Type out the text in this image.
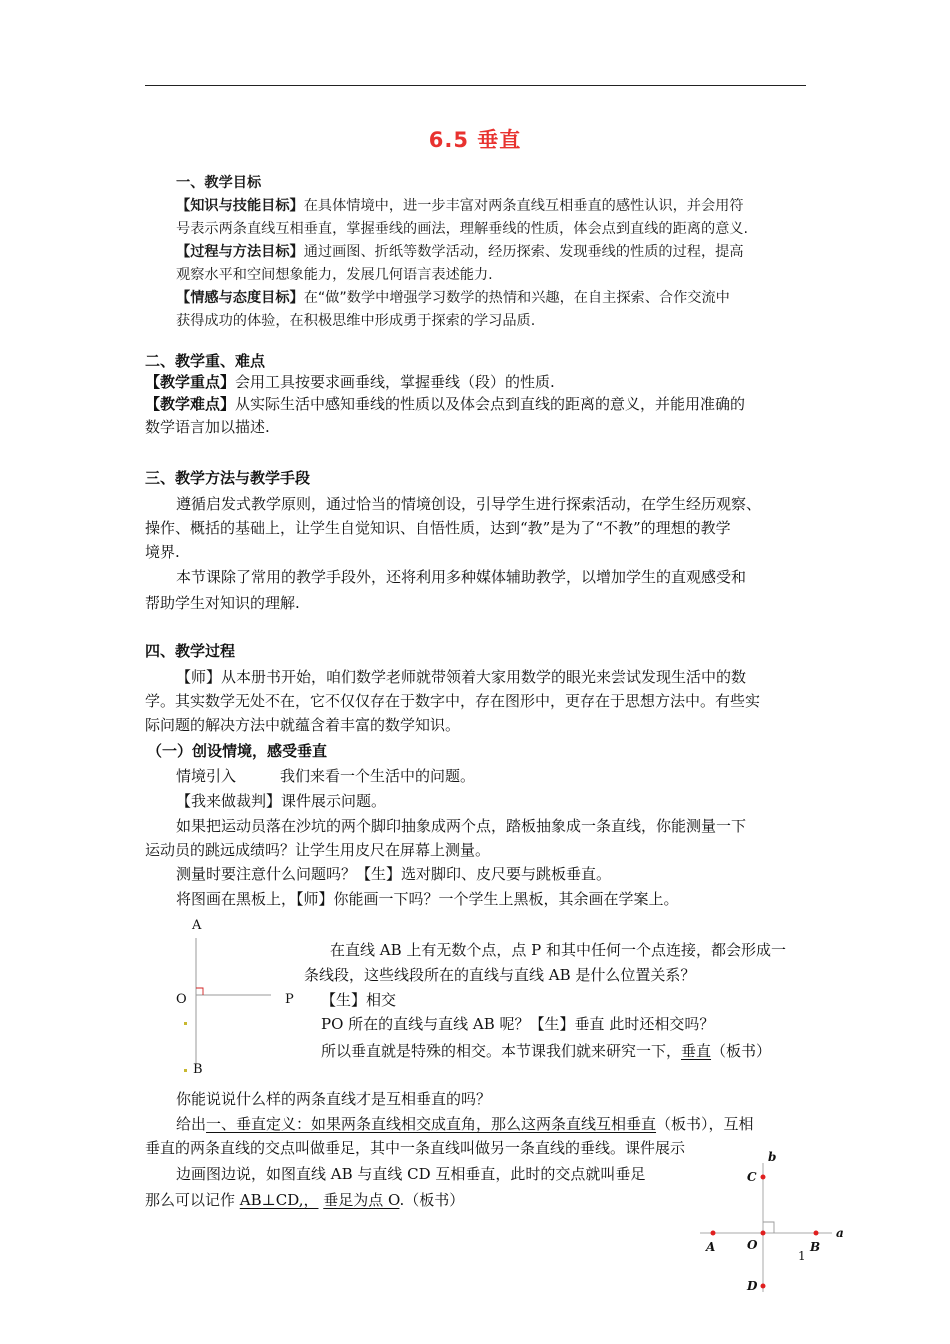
6.5 垂直
一、教学目标
【知识与技能目标】在具体情境中，进一步丰富对两条直线互相垂直的感性认识，并会用符
号表示两条直线互相垂直，掌握垂线的画法，理解垂线的性质，体会点到直线的距离的意义.
【过程与方法目标】通过画图、折纸等数学活动，经历探索、发现垂线的性质的过程，提高
观察水平和空间想象能力，发展几何语言表述能力.
【情感与态度目标】在“做”数学中增强学习数学的热情和兴趣，在自主探索、合作交流中
获得成功的体验，在积极思维中形成勇于探索的学习品质.
二、教学重、难点
【教学重点】会用工具按要求画垂线，掌握垂线（段）的性质.
【教学难点】从实际生活中感知垂线的性质以及体会点到直线的距离的意义，并能用准确的
数学语言加以描述.
三、教学方法与教学手段
遵循启发式教学原则，通过恰当的情境创设，引导学生进行探索活动，在学生经历观察、
操作、概括的基础上，让学生自觉知识、自悟性质，达到“教”是为了“不教”的理想的教学
境界.
本节课除了常用的教学手段外，还将利用多种媒体辅助教学，以增加学生的直观感受和
帮助学生对知识的理解.
四、教学过程
【师】从本册书开始，咱们数学老师就带领着大家用数学的眼光来尝试发现生活中的数
学。其实数学无处不在，它不仅仅存在于数字中，存在图形中，更存在于思想方法中。有些实
际问题的解决方法中就蕴含着丰富的数学知识。
（一）创设情境，感受垂直
情境引入	我们来看一个生活中的问题。
【我来做裁判】课件展示问题。
如果把运动员落在沙坑的两个脚印抽象成两个点，踏板抽象成一条直线，你能测量一下
运动员的跳远成绩吗？让学生用皮尺在屏幕上测量。
测量时要注意什么问题吗？【生】选对脚印、皮尺要与跳板垂直。
将图画在黑板上，【师】你能画一下吗？一个学生上黑板，其余画在学案上。
A
O	P
B
在直线 AB 上有无数个点，点 P 和其中任何一个点连接，都会形成一
条线段，这些线段所在的直线与直线 AB 是什么位置关系？
【生】相交
PO 所在的直线与直线 AB 呢？【生】垂直 此时还相交吗？
所以垂直就是特殊的相交。本节课我们就来研究一下，垂直（板书）
你能说说什么样的两条直线才是互相垂直的吗？
给出一、垂直定义：如果两条直线相交成直角，那么这两条直线互相垂直（板书），互相
垂直的两条直线的交点叫做垂足，其中一条直线叫做另一条直线的垂线。课件展示
边画图边说，如图直线 AB 与直线 CD 互相垂直，此时的交点就叫垂足
那么可以记作 AB⊥CD,， 垂足为点 O.（板书）
b
C
a
A	O	B
D
1
